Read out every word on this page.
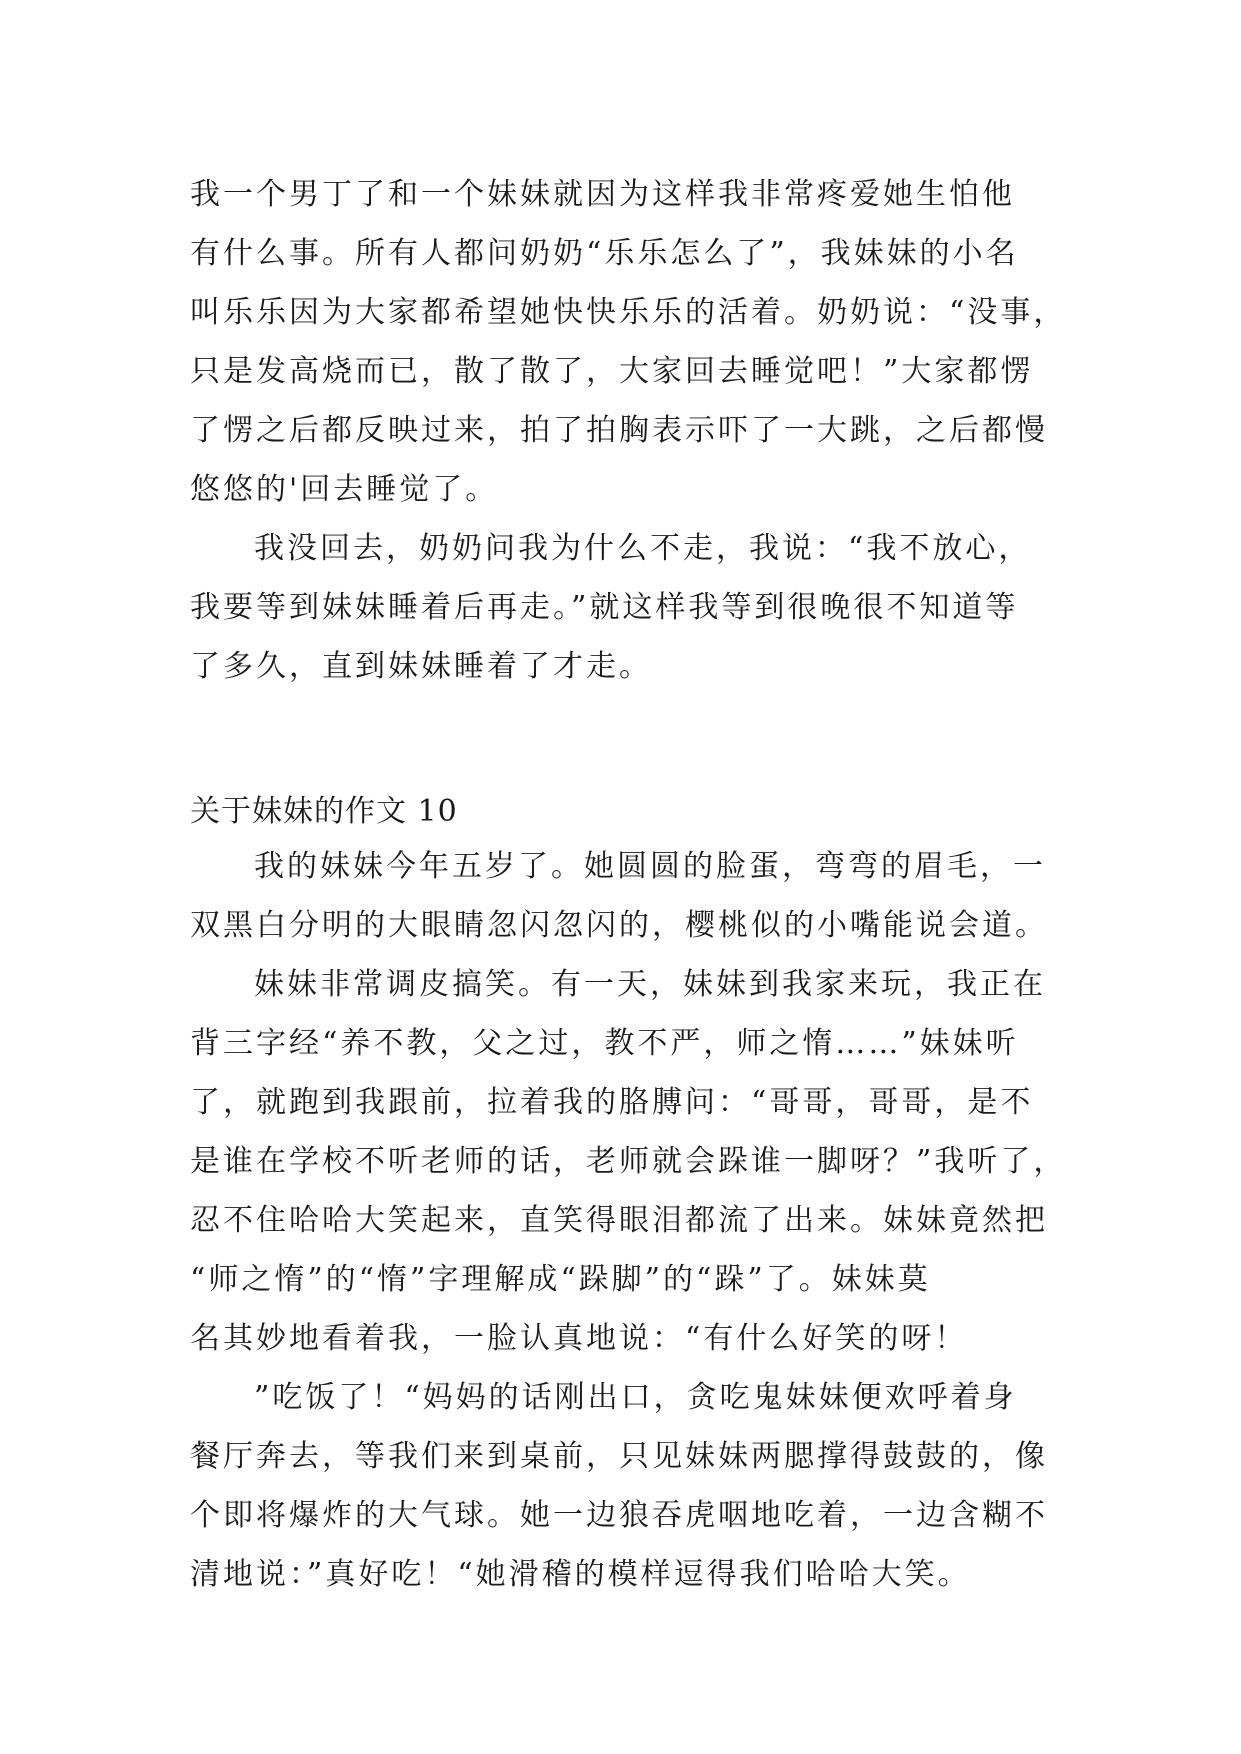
我一个男丁了和一个妹妹就因为这样我非常疼爱她生怕他
有什么事。所有人都问奶奶“乐乐怎么了”，我妹妹的小名
叫乐乐因为大家都希望她快快乐乐的活着。奶奶说：“没事，
只是发高烧而已，散了散了，大家回去睡觉吧！”大家都愣
了愣之后都反映过来，拍了拍胸表示吓了一大跳，之后都慢
悠悠的'回去睡觉了。
我没回去，奶奶问我为什么不走，我说：“我不放心，
我要等到妹妹睡着后再走。”就这样我等到很晚很不知道等
了多久，直到妹妹睡着了才走。
关于妹妹的作文 10
我的妹妹今年五岁了。她圆圆的脸蛋，弯弯的眉毛，一
双黑白分明的大眼睛忽闪忽闪的，樱桃似的小嘴能说会道。
妹妹非常调皮搞笑。有一天，妹妹到我家来玩，我正在
背三字经“养不教，父之过，教不严，师之惰……”妹妹听
了，就跑到我跟前，拉着我的胳膊问：“哥哥，哥哥，是不
是谁在学校不听老师的话，老师就会跺谁一脚呀？”我听了，
忍不住哈哈大笑起来，直笑得眼泪都流了出来。妹妹竟然把
“师之惰”的“惰”字理解成“跺脚”的“跺”了。妹妹莫
名其妙地看着我，一脸认真地说：“有什么好笑的呀！
”吃饭了！“妈妈的话刚出口，贪吃鬼妹妹便欢呼着身
餐厅奔去，等我们来到桌前，只见妹妹两腮撑得鼓鼓的，像
个即将爆炸的大气球。她一边狼吞虎咽地吃着，一边含糊不
清地说：”真好吃！“她滑稽的模样逗得我们哈哈大笑。
